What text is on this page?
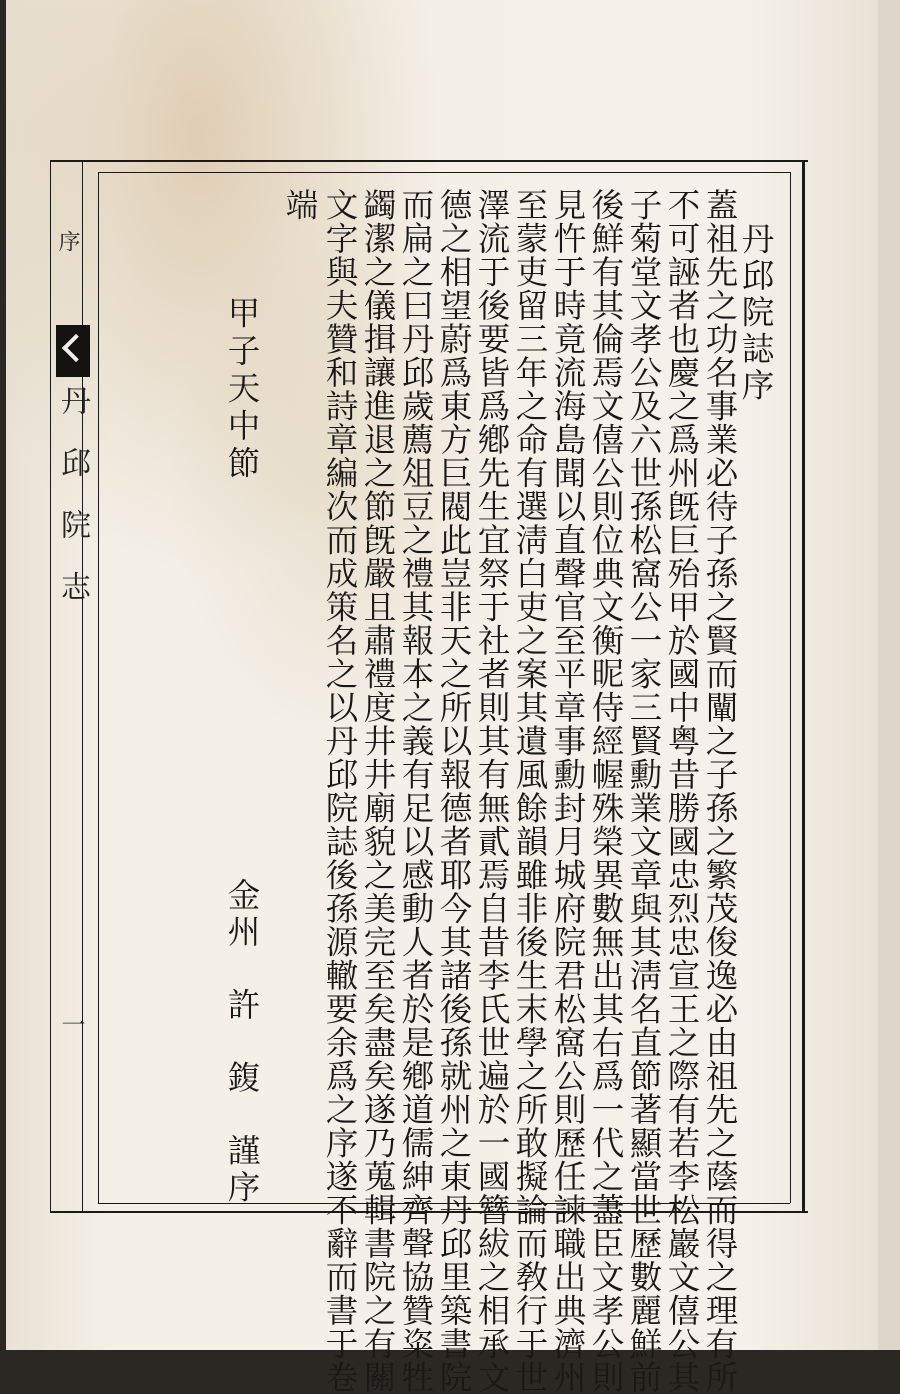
序
丹邱院志
一
丹邱院誌序
蓋祖先之功名事業必待子孫之賢而闡之子孫之繁茂俊逸必由祖先之蔭而得之理有所
不可誣者也慶之爲州旣巨殆甲於國中粤昔勝國忠烈忠宣王之際有若李松巖文僖公其
子菊堂文孝公及六世孫松窩公一家三賢勳業文章與其淸名直節著顯當世歷數麗鮮前
後鮮有其倫焉文僖公則位典文衡昵侍經幄殊榮異數無出其右爲一代之藎臣文孝公則
見忤于時竟流海島聞以直聲官至平章事勳封月城府院君松窩公則歷任諫職出典濟州
至蒙吏留三年之命有選淸白吏之案其遺風餘韻雖非後生末學之所敢擬論而敎行于世
澤流于後要皆爲鄕先生宜祭于社者則其有無貳焉自昔李氏世遍於一國簪紱之相承文
德之相望蔚爲東方巨閥此豈非天之所以報德者耶今其諸後孫就州之東丹邱里築書院
而扁之曰丹邱歲薦俎豆之禮其報本之義有足以感動人者於是鄕道儒紳齊聲協贊粢牲
蠲潔之儀揖讓進退之節旣嚴且肅禮度井井廟貌之美完至矣盡矣遂乃蒐輯書院之有關
文字與夫贊和詩章編次而成策名之以丹邱院誌後孫源轍要余爲之序遂不辭而書于卷
端
甲子天中節
金州　許　鍑　謹序
